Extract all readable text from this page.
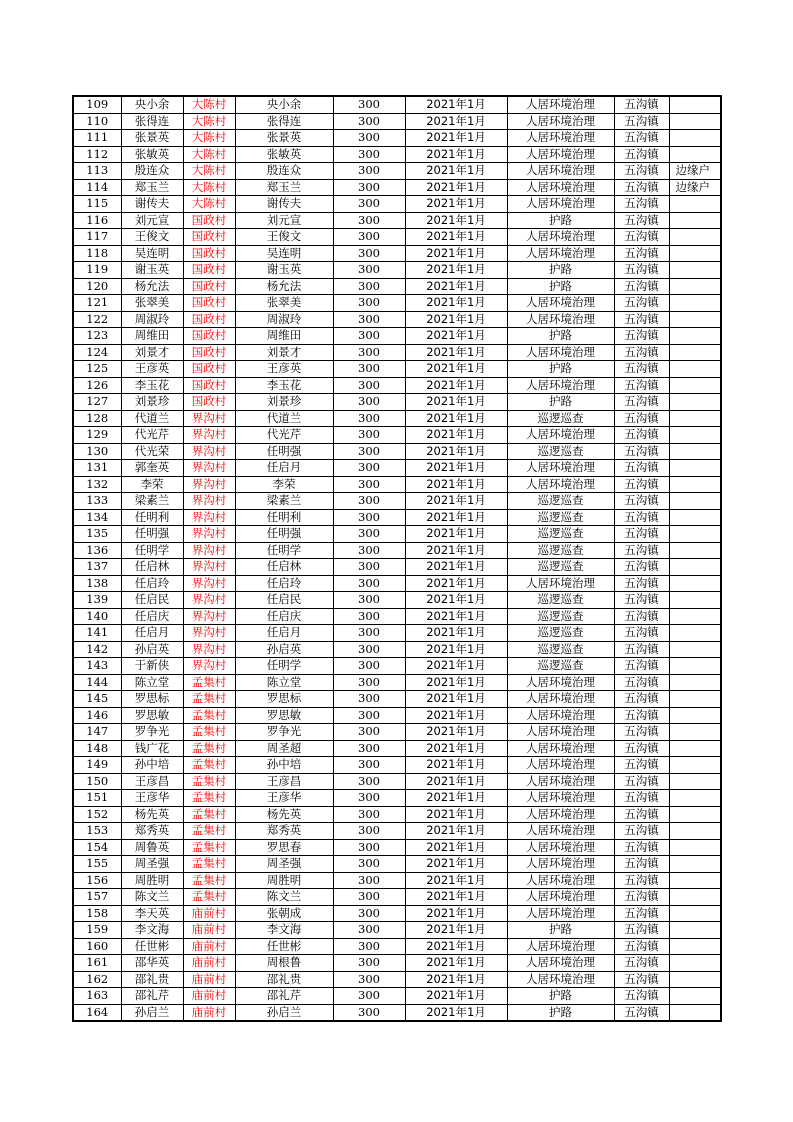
109	央小余	大陈村	央小余	300	2021年1月	人居环境治理	五沟镇	
110	张得连	大陈村	张得连	300	2021年1月	人居环境治理	五沟镇	
111	张景英	大陈村	张景英	300	2021年1月	人居环境治理	五沟镇	
112	张敏英	大陈村	张敏英	300	2021年1月	人居环境治理	五沟镇	
113	殷连众	大陈村	殷连众	300	2021年1月	人居环境治理	五沟镇	边缘户
114	郑玉兰	大陈村	郑玉兰	300	2021年1月	人居环境治理	五沟镇	边缘户
115	谢传夫	大陈村	谢传夫	300	2021年1月	人居环境治理	五沟镇	
116	刘元宣	国政村	刘元宣	300	2021年1月	护路	五沟镇	
117	王俊文	国政村	王俊文	300	2021年1月	人居环境治理	五沟镇	
118	吴连明	国政村	吴连明	300	2021年1月	人居环境治理	五沟镇	
119	谢玉英	国政村	谢玉英	300	2021年1月	护路	五沟镇	
120	杨允法	国政村	杨允法	300	2021年1月	护路	五沟镇	
121	张翠美	国政村	张翠美	300	2021年1月	人居环境治理	五沟镇	
122	周淑玲	国政村	周淑玲	300	2021年1月	人居环境治理	五沟镇	
123	周维田	国政村	周维田	300	2021年1月	护路	五沟镇	
124	刘景才	国政村	刘景才	300	2021年1月	人居环境治理	五沟镇	
125	王彦英	国政村	王彦英	300	2021年1月	护路	五沟镇	
126	李玉花	国政村	李玉花	300	2021年1月	人居环境治理	五沟镇	
127	刘景珍	国政村	刘景珍	300	2021年1月	护路	五沟镇	
128	代道兰	界沟村	代道兰	300	2021年1月	巡逻巡查	五沟镇	
129	代光芹	界沟村	代光芹	300	2021年1月	人居环境治理	五沟镇	
130	代光荣	界沟村	任明强	300	2021年1月	巡逻巡查	五沟镇	
131	郭奎英	界沟村	任启月	300	2021年1月	人居环境治理	五沟镇	
132	李荣	界沟村	李荣	300	2021年1月	人居环境治理	五沟镇	
133	梁素兰	界沟村	梁素兰	300	2021年1月	巡逻巡查	五沟镇	
134	任明利	界沟村	任明利	300	2021年1月	巡逻巡查	五沟镇	
135	任明强	界沟村	任明强	300	2021年1月	巡逻巡查	五沟镇	
136	任明学	界沟村	任明学	300	2021年1月	巡逻巡查	五沟镇	
137	任启林	界沟村	任启林	300	2021年1月	巡逻巡查	五沟镇	
138	任启玲	界沟村	任启玲	300	2021年1月	人居环境治理	五沟镇	
139	任启民	界沟村	任启民	300	2021年1月	巡逻巡查	五沟镇	
140	任启庆	界沟村	任启庆	300	2021年1月	巡逻巡查	五沟镇	
141	任启月	界沟村	任启月	300	2021年1月	巡逻巡查	五沟镇	
142	孙启英	界沟村	孙启英	300	2021年1月	巡逻巡查	五沟镇	
143	于新侠	界沟村	任明学	300	2021年1月	巡逻巡查	五沟镇	
144	陈立堂	孟集村	陈立堂	300	2021年1月	人居环境治理	五沟镇	
145	罗思标	孟集村	罗思标	300	2021年1月	人居环境治理	五沟镇	
146	罗思敏	孟集村	罗思敏	300	2021年1月	人居环境治理	五沟镇	
147	罗争光	孟集村	罗争光	300	2021年1月	人居环境治理	五沟镇	
148	钱广花	孟集村	周圣超	300	2021年1月	人居环境治理	五沟镇	
149	孙中培	孟集村	孙中培	300	2021年1月	人居环境治理	五沟镇	
150	王彦昌	孟集村	王彦昌	300	2021年1月	人居环境治理	五沟镇	
151	王彦华	孟集村	王彦华	300	2021年1月	人居环境治理	五沟镇	
152	杨先英	孟集村	杨先英	300	2021年1月	人居环境治理	五沟镇	
153	郑秀英	孟集村	郑秀英	300	2021年1月	人居环境治理	五沟镇	
154	周鲁英	孟集村	罗思春	300	2021年1月	人居环境治理	五沟镇	
155	周圣强	孟集村	周圣强	300	2021年1月	人居环境治理	五沟镇	
156	周胜明	孟集村	周胜明	300	2021年1月	人居环境治理	五沟镇	
157	陈文兰	孟集村	陈文兰	300	2021年1月	人居环境治理	五沟镇	
158	李天英	庙前村	张朝成	300	2021年1月	人居环境治理	五沟镇	
159	李文海	庙前村	李文海	300	2021年1月	护路	五沟镇	
160	任世彬	庙前村	任世彬	300	2021年1月	人居环境治理	五沟镇	
161	邵华英	庙前村	周根鲁	300	2021年1月	人居环境治理	五沟镇	
162	邵礼贵	庙前村	邵礼贵	300	2021年1月	人居环境治理	五沟镇	
163	邵礼芹	庙前村	邵礼芹	300	2021年1月	护路	五沟镇	
164	孙启兰	庙前村	孙启兰	300	2021年1月	护路	五沟镇	
